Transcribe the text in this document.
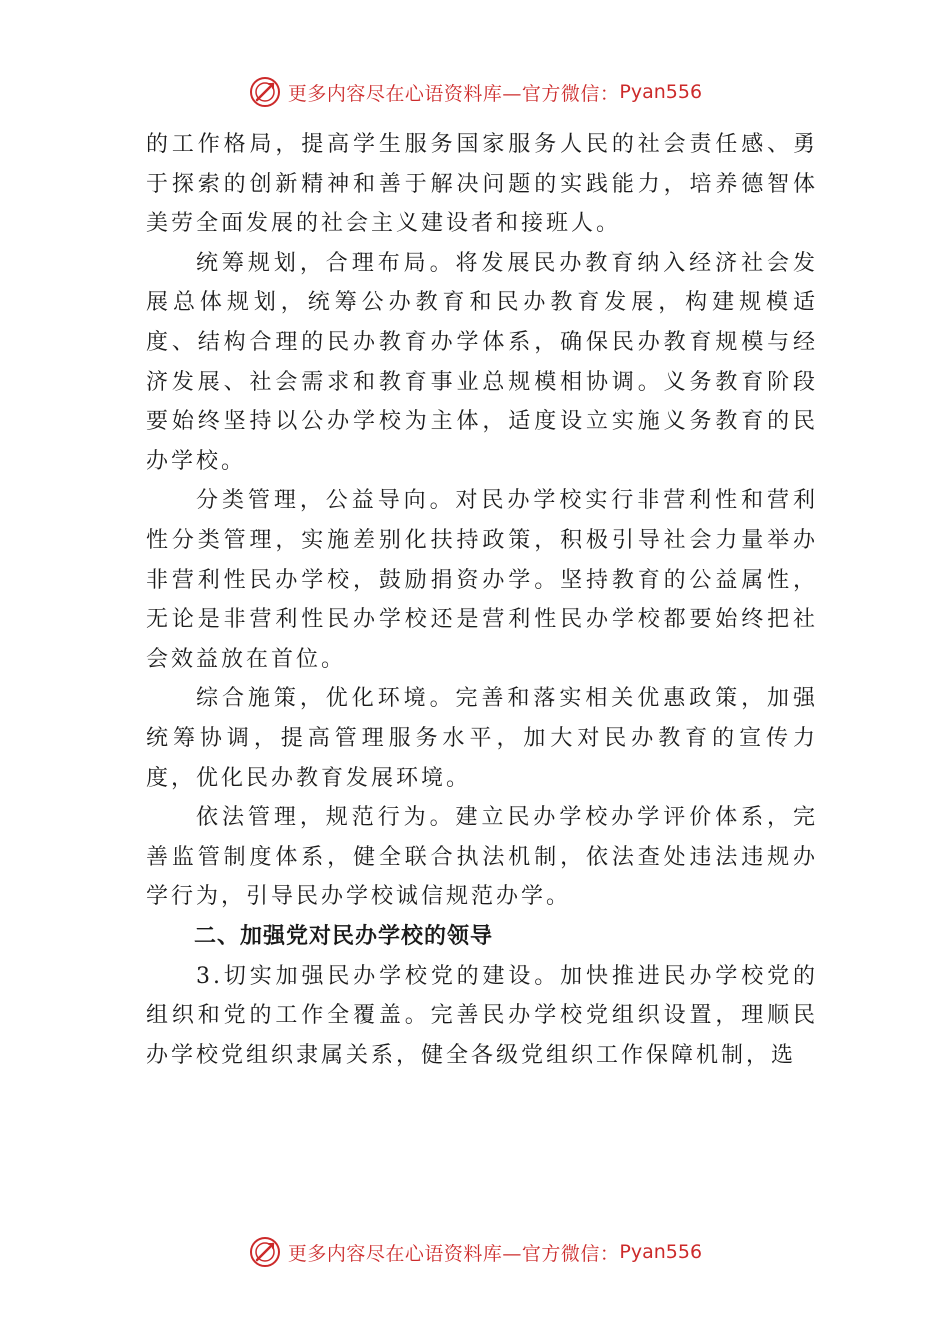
更多内容尽在心语资料库—官方微信： Pyan556

的工作格局，提高学生服务国家服务人民的社会责任感、勇于探索的创新精神和善于解决问题的实践能力，培养德智体美劳全面发展的社会主义建设者和接班人。

统筹规划，合理布局。将发展民办教育纳入经济社会发展总体规划，统筹公办教育和民办教育发展，构建规模适度、结构合理的民办教育办学体系，确保民办教育规模与经济发展、社会需求和教育事业总规模相协调。义务教育阶段要始终坚持以公办学校为主体，适度设立实施义务教育的民办学校。

分类管理，公益导向。对民办学校实行非营利性和营利性分类管理，实施差别化扶持政策，积极引导社会力量举办非营利性民办学校，鼓励捐资办学。坚持教育的公益属性， 无论是非营利性民办学校还是营利性民办学校都要始终把社会效益放在首位。

综合施策，优化环境。完善和落实相关优惠政策，加强统筹协调，提高管理服务水平，加大对民办教育的宣传力度，优化民办教育发展环境。

依法管理，规范行为。建立民办学校办学评价体系，完善监管制度体系，健全联合执法机制，依法查处违法违规办学行为，引导民办学校诚信规范办学。

二、加强党对民办学校的领导

3.切实加强民办学校党的建设。加快推进民办学校党的组织和党的工作全覆盖。完善民办学校党组织设置，理顺民办学校党组织隶属关系，健全各级党组织工作保障机制，选

更多内容尽在心语资料库—官方微信： Pyan556
